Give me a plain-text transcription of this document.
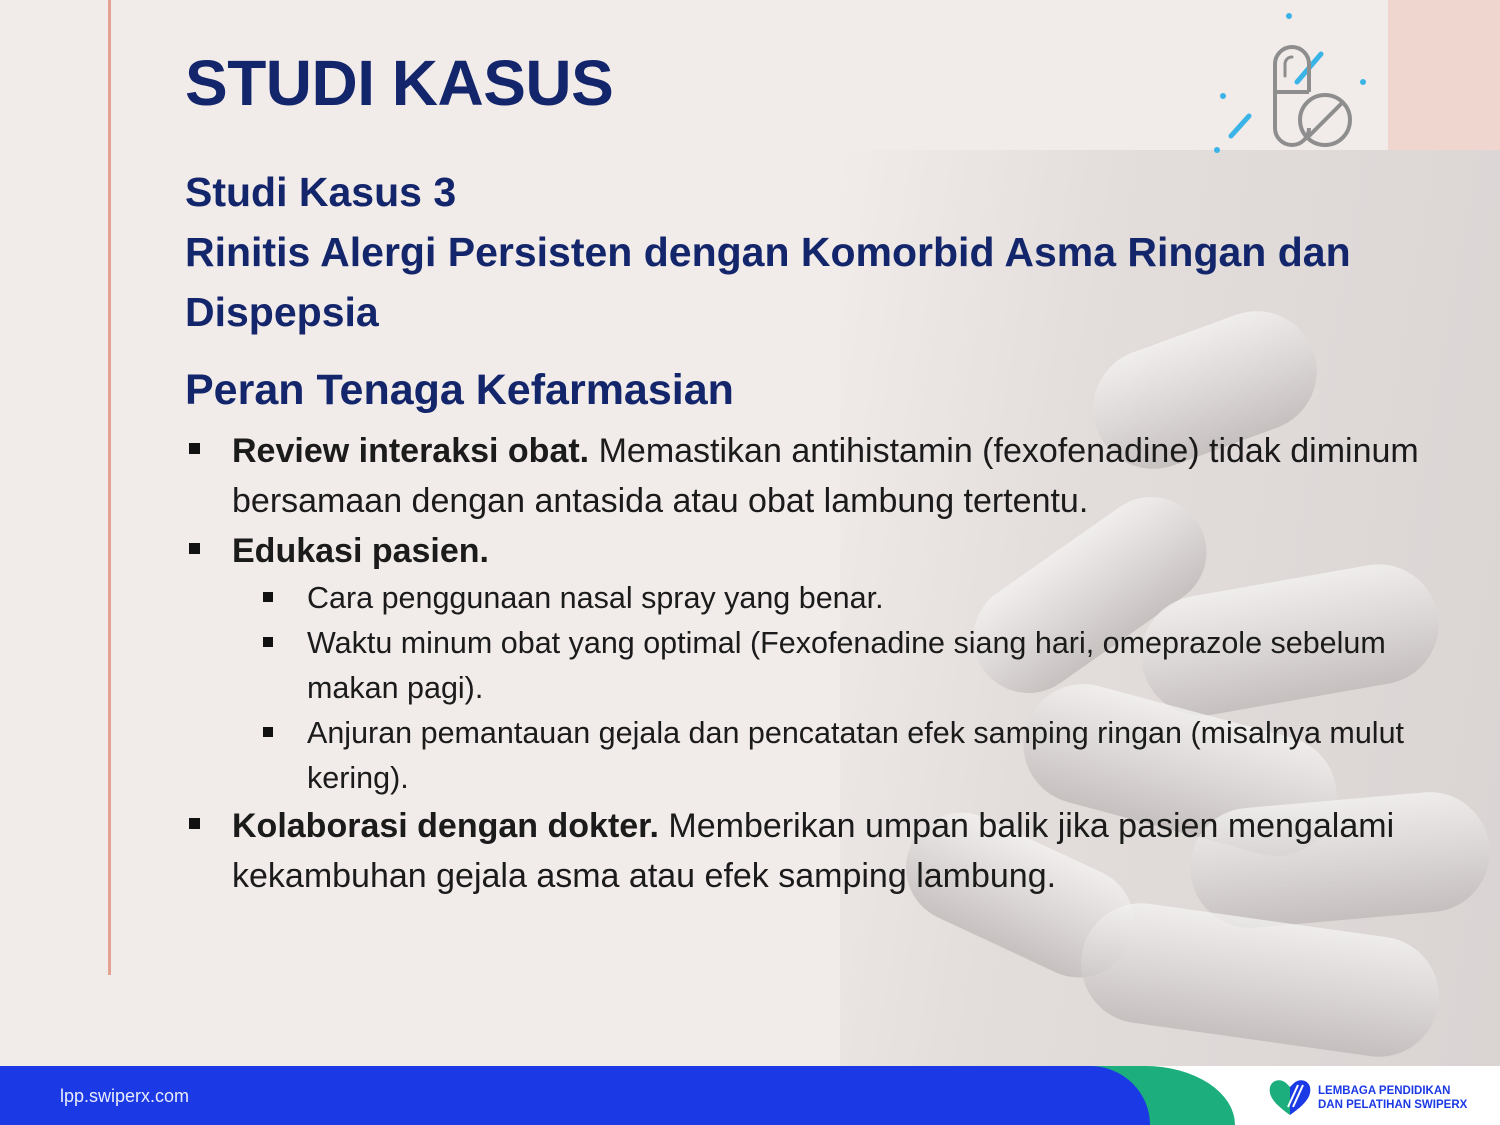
STUDI KASUS
Studi Kasus 3
Rinitis Alergi Persisten dengan Komorbid Asma Ringan dan
Dispepsia
Peran Tenaga Kefarmasian
Review interaksi obat. Memastikan antihistamin (fexofenadine) tidak diminum bersamaan dengan antasida atau obat lambung tertentu.
Edukasi pasien.
Cara penggunaan nasal spray yang benar.
Waktu minum obat yang optimal (Fexofenadine siang hari, omeprazole sebelum makan pagi).
Anjuran pemantauan gejala dan pencatatan efek samping ringan (misalnya mulut kering).
Kolaborasi dengan dokter. Memberikan umpan balik jika pasien mengalami kekambuhan gejala asma atau efek samping lambung.
lpp.swiperx.com	LEMBAGA PENDIDIKAN
DAN PELATIHAN SWIPERX
